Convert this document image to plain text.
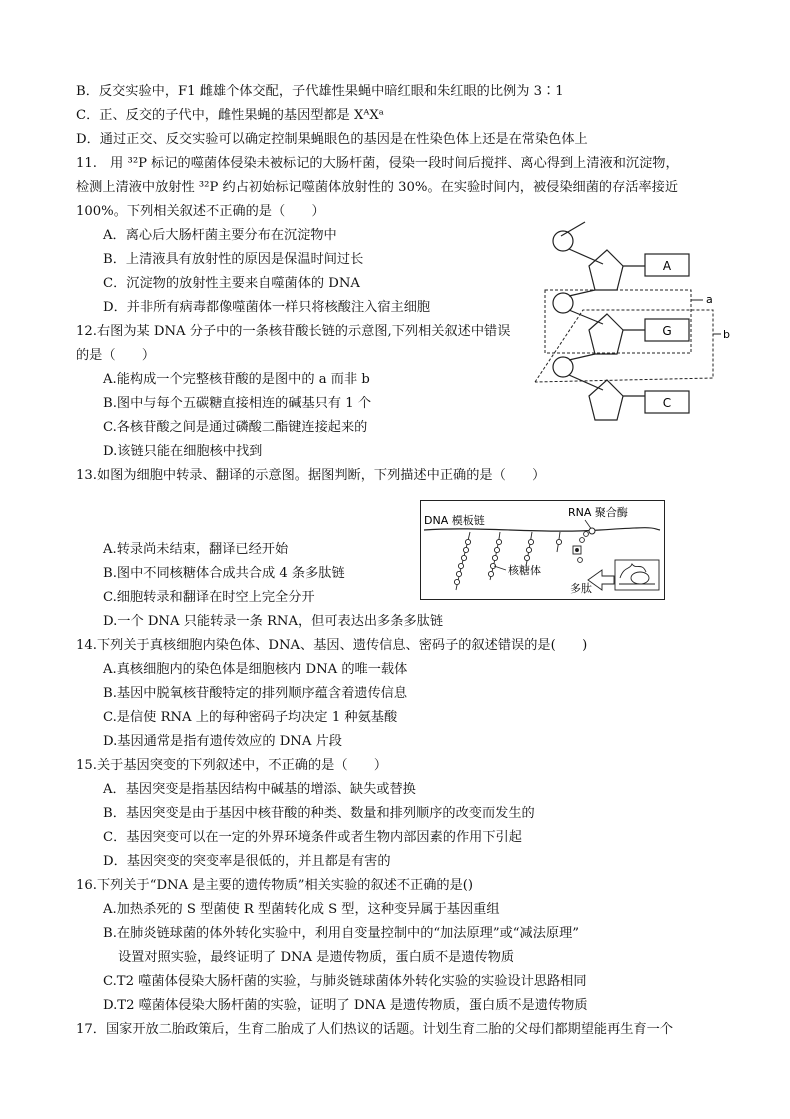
B．反交实验中，F1 雌雄个体交配，子代雄性果蝇中暗红眼和朱红眼的比例为 3∶1
C．正、反交的子代中，雌性果蝇的基因型都是 XᴬXᵃ
D．通过正交、反交实验可以确定控制果蝇眼色的基因是在性染色体上还是在常染色体上
11.　用 ³²P 标记的噬菌体侵染未被标记的大肠杆菌，侵染一段时间后搅拌、离心得到上清液和沉淀物，
检测上清液中放射性 ³²P 约占初始标记噬菌体放射性的 30%。在实验时间内，被侵染细菌的存活率接近
100%。下列相关叙述不正确的是（　　）
A．离心后大肠杆菌主要分布在沉淀物中
B．上清液具有放射性的原因是保温时间过长
C．沉淀物的放射性主要来自噬菌体的 DNA
D．并非所有病毒都像噬菌体一样只将核酸注入宿主细胞
12.右图为某 DNA 分子中的一条核苷酸长链的示意图,下列相关叙述中错误
的是（　　）
A.能构成一个完整核苷酸的是图中的 a 而非 b
B.图中与每个五碳糖直接相连的碱基只有 1 个
C.各核苷酸之间是通过磷酸二酯键连接起来的
D.该链只能在细胞核中找到
13.如图为细胞中转录、翻译的示意图。据图判断，下列描述中正确的是（　　）
A.转录尚未结束，翻译已经开始
B.图中不同核糖体合成共合成 4 条多肽链
C.细胞转录和翻译在时空上完全分开
D.一个 DNA 只能转录一条 RNA，但可表达出多条多肽链
14.下列关于真核细胞内染色体、DNA、基因、遗传信息、密码子的叙述错误的是(　　)
A.真核细胞内的染色体是细胞核内 DNA 的唯一载体
B.基因中脱氧核苷酸特定的排列顺序蕴含着遗传信息
C.是信使 RNA 上的每种密码子均决定 1 种氨基酸
D.基因通常是指有遗传效应的 DNA 片段
15.关于基因突变的下列叙述中，不正确的是（　　）
A．基因突变是指基因结构中碱基的增添、缺失或替换
B．基因突变是由于基因中核苷酸的种类、数量和排列顺序的改变而发生的
C．基因突变可以在一定的外界环境条件或者生物内部因素的作用下引起
D．基因突变的突变率是很低的，并且都是有害的
16.下列关于“DNA 是主要的遗传物质”相关实验的叙述不正确的是()
A.加热杀死的 S 型菌使 R 型菌转化成 S 型，这种变异属于基因重组
B.在肺炎链球菌的体外转化实验中，利用自变量控制中的“加法原理”或“减法原理”
设置对照实验，最终证明了 DNA 是遗传物质，蛋白质不是遗传物质
C.T2 噬菌体侵染大肠杆菌的实验，与肺炎链球菌体外转化实验的实验设计思路相同
D.T2 噬菌体侵染大肠杆菌的实验，证明了 DNA 是遗传物质，蛋白质不是遗传物质
17．国家开放二胎政策后，生育二胎成了人们热议的话题。计划生育二胎的父母们都期望能再生育一个
A
G
C
a
b
DNA 模板链
RNA 聚合酶
核糖体
多肽
